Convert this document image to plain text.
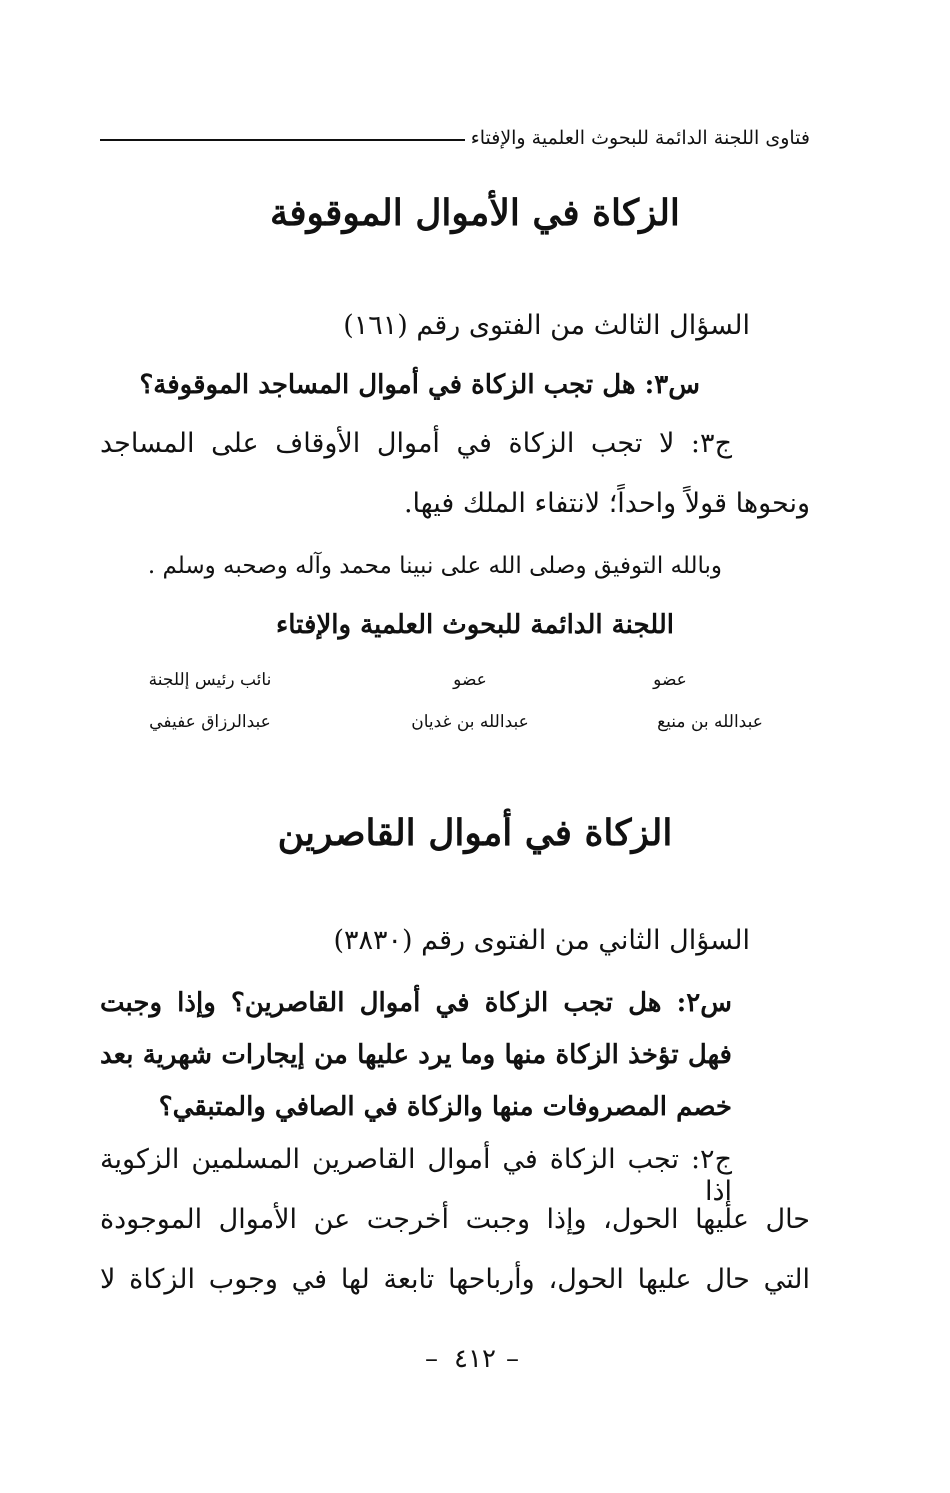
فتاوى اللجنة الدائمة للبحوث العلمية والإفتاء
الزكاة في الأموال الموقوفة
السؤال الثالث من الفتوى رقم (١٦١)
س٣: هل تجب الزكاة في أموال المساجد الموقوفة؟
ج٣: لا تجب الزكاة في أموال الأوقاف على المساجد
ونحوها قولاً واحداً؛ لانتفاء الملك فيها.
وبالله التوفيق وصلى الله على نبينا محمد وآله وصحبه وسلم .
اللجنة الدائمة للبحوث العلمية والإفتاء
عضو
عضو
نائب رئيس إللجنة
عبدالله بن منيع
عبدالله بن غديان
عبدالرزاق عفيفي
الزكاة في أموال القاصرين
السؤال الثاني من الفتوى رقم (٣٨٣٠)
س٢: هل تجب الزكاة في أموال القاصرين؟ وإذا وجبت
فهل تؤخذ الزكاة منها وما يرد عليها من إيجارات شهرية بعد
خصم المصروفات منها والزكاة في الصافي والمتبقي؟
ج٢: تجب الزكاة في أموال القاصرين المسلمين الزكوية إذا
حال عليها الحول، وإذا وجبت أخرجت عن الأموال الموجودة
التي حال عليها الحول، وأرباحها تابعة لها في وجوب الزكاة لا
–٤١٢–
